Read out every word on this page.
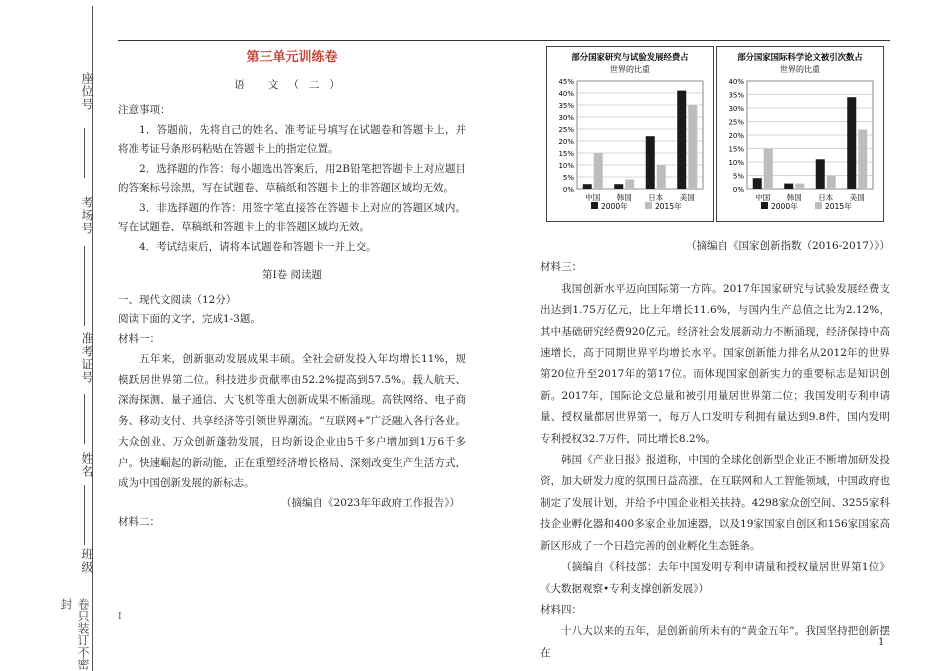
座位号
考场号
准考证号
姓名
班级
卷只装订不密封
第三单元训练卷
语 文（二）

注意事项：

1．答题前，先将自己的姓名、准考证号填写在试题卷和答题卡上，并将准考证号条形码粘贴在答题卡上的指定位置。

2．选择题的作答：每小题选出答案后，用2B铅笔把答题卡上对应题目的答案标号涂黑，写在试题卷、草稿纸和答题卡上的非答题区域均无效。

3．非选择题的作答：用签字笔直接答在答题卡上对应的答题区域内。写在试题卷、草稿纸和答题卡上的非答题区域均无效。

4．考试结束后，请将本试题卷和答题卡一并上交。

第Ⅰ卷 阅读题

一、现代文阅读（12分）

阅读下面的文字，完成1-3题。

材料一：

五年来，创新驱动发展成果丰硕。全社会研发投入年均增长11%，规模跃居世界第二位。科技进步贡献率由52.2%提高到57.5%。载人航天、深海探测、量子通信、大飞机等重大创新成果不断涌现。高铁网络、电子商务、移动支付、共享经济等引领世界潮流。“互联网+”广泛融入各行各业。大众创业、万众创新蓬勃发展，日均新设企业由5千多户增加到1万6千多户。快速崛起的新动能，正在重塑经济增长格局、深刻改变生产生活方式，成为中国创新发展的新标志。

（摘编自《2023年年政府工作报告》）

材料二：

部分国家研究与试验发展经费占
世界的比重
0%
5%
10%
15%
20%
25%
30%
35%
40%
45%
中国 韩国 日本 美国
2000年	2015年
部分国家国际科学论文被引次数占
世界的比重
0%
5%
10%
15%
20%
25%
30%
35%
40%
中国 韩国 日本 美国
2000年	2015年

（摘编自《国家创新指数（2016-2017）》）

材料三：

我国创新水平迈向国际第一方阵。2017年国家研究与试验发展经费支出达到1.75万亿元，比上年增长11.6%，与国内生产总值之比为2.12%，其中基础研究经费920亿元。经济社会发展新动力不断涌现，经济保持中高速增长，高于同期世界平均增长水平。国家创新能力排名从2012年的世界第20位升至2017年的第17位。而体现国家创新实力的重要标志是知识创新。2017年，国际论文总量和被引用量居世界第二位；我国发明专利申请量、授权量都居世界第一，每万人口发明专利拥有量达到9.8件，国内发明专利授权32.7万件，同比增长8.2%。

韩国《产业日报》报道称，中国的全球化创新型企业正不断增加研发投资，加大研发力度的氛围日益高涨，在互联网和人工智能领域，中国政府也制定了发展计划，并给予中国企业相关扶持。4298家众创空间、3255家科技企业孵化器和400多家企业加速器，以及19家国家自创区和156家国家高新区形成了一个日趋完善的创业孵化生态链条。

（摘编自《科技部：去年中国发明专利申请量和授权量居世界第1位》《大数据观察•专利支撑创新发展》）

材料四：

十八大以来的五年，是创新前所未有的“黄金五年”。我国坚持把创新摆在

I
1
